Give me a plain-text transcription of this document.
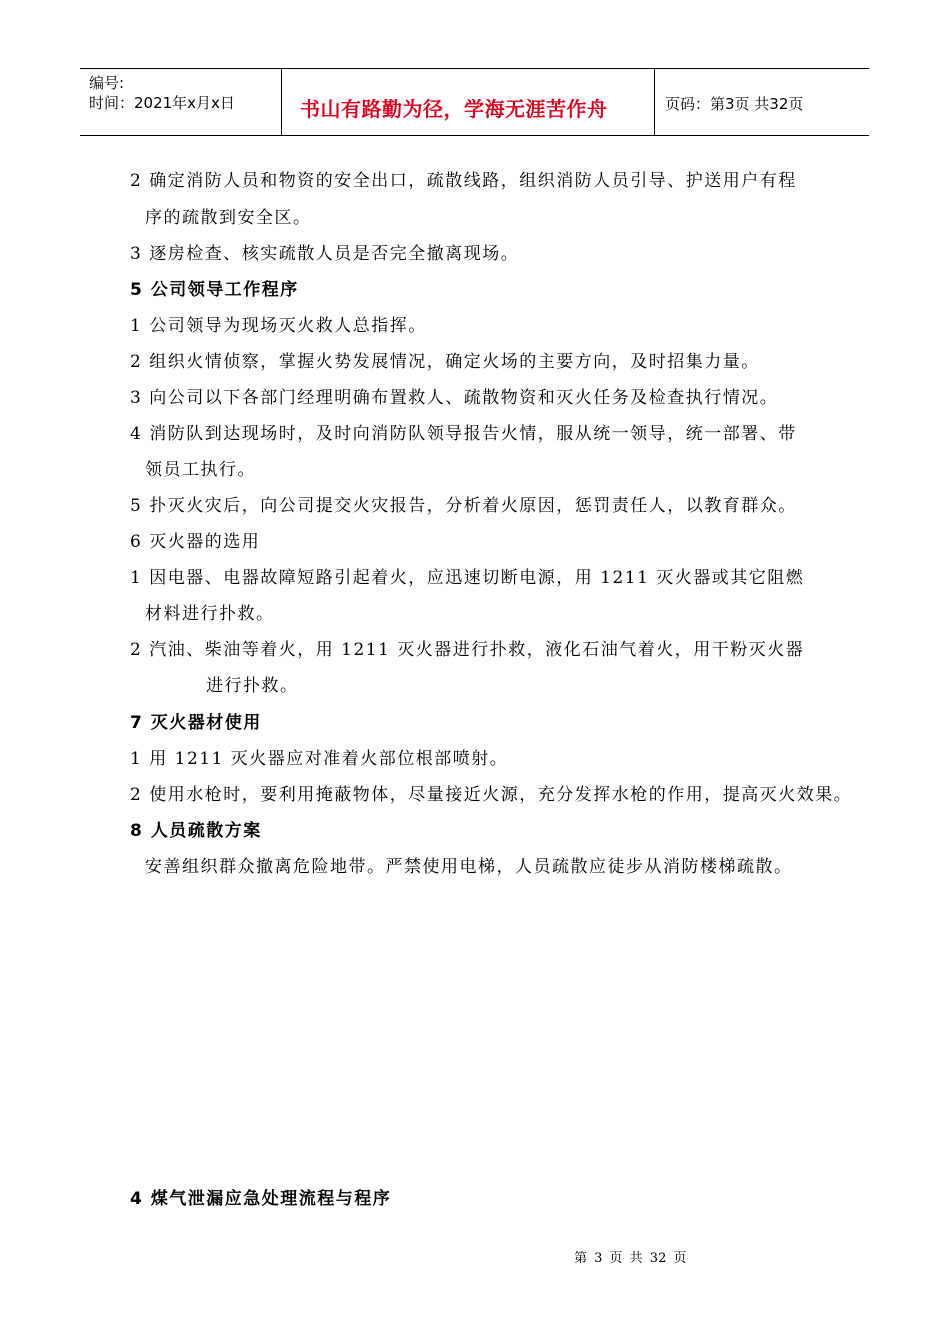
编号:
时间：2021年x月x日	书山有路勤为径，学海无涯苦作舟	页码：第3页 共32页
2 确定消防人员和物资的安全出口，疏散线路，组织消防人员引导、护送用户有程
序的疏散到安全区。
3 逐房检查、核实疏散人员是否完全撤离现场。
5 公司领导工作程序
1 公司领导为现场灭火救人总指挥。
2 组织火情侦察，掌握火势发展情况，确定火场的主要方向，及时招集力量。
3 向公司以下各部门经理明确布置救人、疏散物资和灭火任务及检查执行情况。
4 消防队到达现场时，及时向消防队领导报告火情，服从统一领导，统一部署、带
领员工执行。
5 扑灭火灾后，向公司提交火灾报告，分析着火原因，惩罚责任人，以教育群众。
6 灭火器的选用
1 因电器、电器故障短路引起着火，应迅速切断电源，用 1211 灭火器或其它阻燃
材料进行扑救。
2 汽油、柴油等着火，用 1211 灭火器进行扑救，液化石油气着火，用干粉灭火器
进行扑救。
7 灭火器材使用
1 用 1211 灭火器应对准着火部位根部喷射。
2 使用水枪时，要利用掩蔽物体，尽量接近火源，充分发挥水枪的作用，提高灭火效果。
8 人员疏散方案
安善组织群众撤离危险地带。严禁使用电梯，人员疏散应徒步从消防楼梯疏散。
4 煤气泄漏应急处理流程与程序
第 3 页 共 32 页
